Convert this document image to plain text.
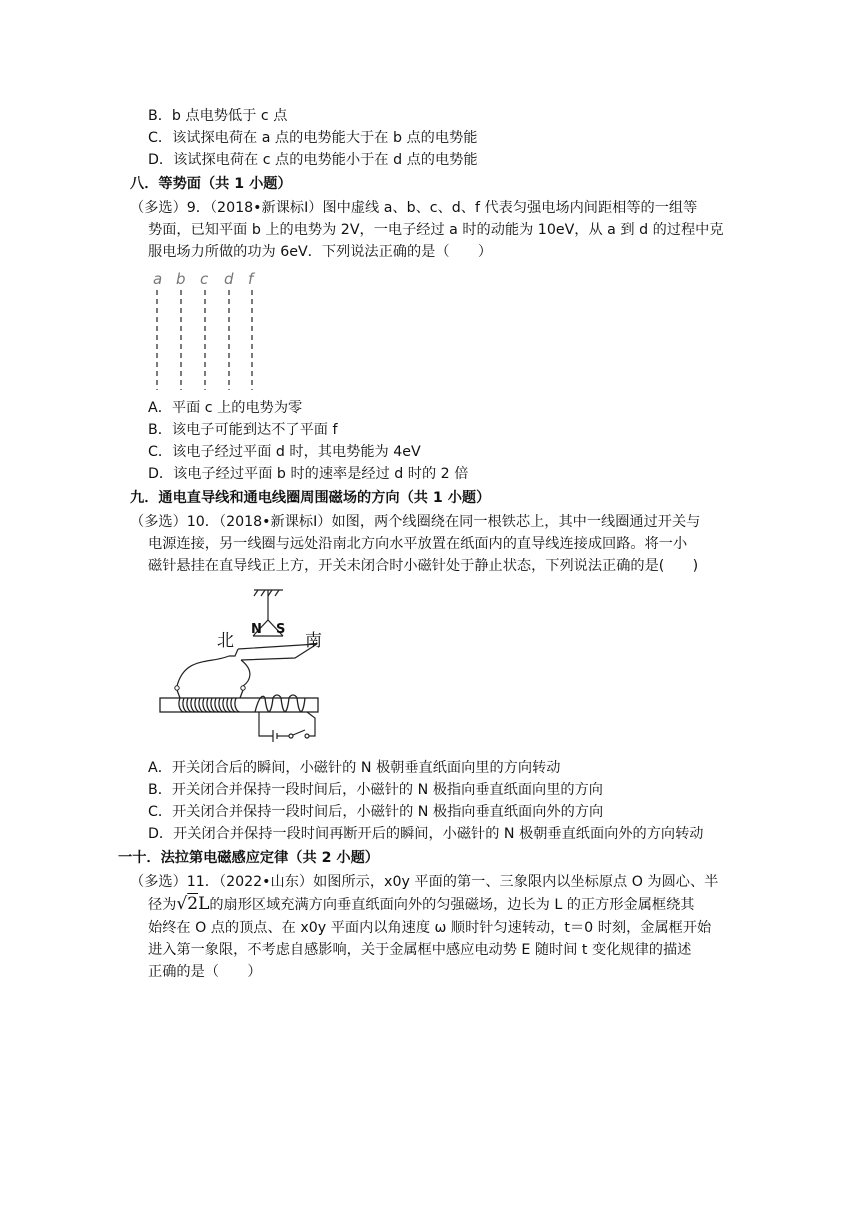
B．b 点电势低于 c 点
C．该试探电荷在 a 点的电势能大于在 b 点的电势能
D．该试探电荷在 c 点的电势能小于在 d 点的电势能
八．等势面（共 1 小题）
（多选）9．（2018•新课标Ⅰ）图中虚线 a、b、c、d、f 代表匀强电场内间距相等的一组等
势面，已知平面 b 上的电势为 2V，一电子经过 a 时的动能为 10eV，从 a 到 d 的过程中克
服电场力所做的功为 6eV．下列说法正确的是（　　）
a b c d f
A．平面 c 上的电势为零
B．该电子可能到达不了平面 f
C．该电子经过平面 d 时，其电势能为 4eV
D．该电子经过平面 b 时的速率是经过 d 时的 2 倍
九．通电直导线和通电线圈周围磁场的方向（共 1 小题）
（多选）10．（2018•新课标Ⅰ）如图，两个线圈绕在同一根铁芯上，其中一线圈通过开关与
电源连接，另一线圈与远处沿南北方向水平放置在纸面内的直导线连接成回路。将一小
磁针悬挂在直导线正上方，开关未闭合时小磁针处于静止状态，下列说法正确的是(　　)
N S
北	南
A．开关闭合后的瞬间，小磁针的 N 极朝垂直纸面向里的方向转动
B．开关闭合并保持一段时间后，小磁针的 N 极指向垂直纸面向里的方向
C．开关闭合并保持一段时间后，小磁针的 N 极指向垂直纸面向外的方向
D．开关闭合并保持一段时间再断开后的瞬间，小磁针的 N 极朝垂直纸面向外的方向转动
一十．法拉第电磁感应定律（共 2 小题）
（多选）11．（2022•山东）如图所示，x0y 平面的第一、三象限内以坐标原点 O 为圆心、半
径为√2L的扇形区域充满方向垂直纸面向外的匀强磁场，边长为 L 的正方形金属框绕其
始终在 O 点的顶点、在 x0y 平面内以角速度 ω 顺时针匀速转动，t＝0 时刻，金属框开始
进入第一象限，不考虑自感影响，关于金属框中感应电动势 E 随时间 t 变化规律的描述
正确的是（　　）
